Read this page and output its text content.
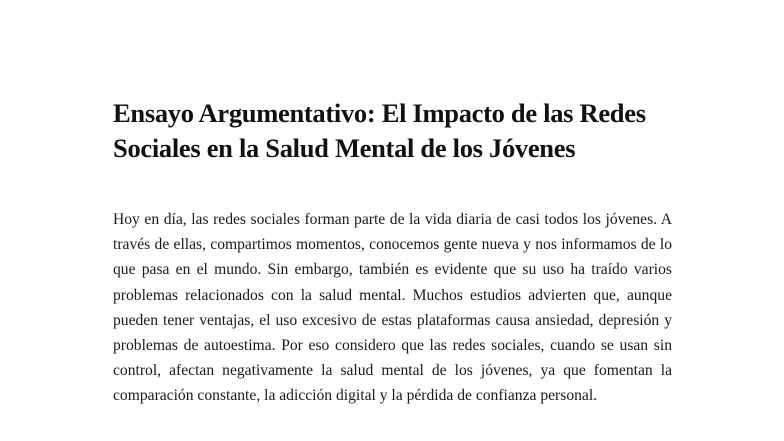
Ensayo Argumentativo: El Impacto de las Redes Sociales en la Salud Mental de los Jóvenes

Hoy en día, las redes sociales forman parte de la vida diaria de casi todos los jóvenes. A través de ellas, compartimos momentos, conocemos gente nueva y nos informamos de lo que pasa en el mundo. Sin embargo, también es evidente que su uso ha traído varios problemas relacionados con la salud mental. Muchos estudios advierten que, aunque pueden tener ventajas, el uso excesivo de estas plataformas causa ansiedad, depresión y problemas de autoestima. Por eso considero que las redes sociales, cuando se usan sin control, afectan negativamente la salud mental de los jóvenes, ya que fomentan la comparación constante, la adicción digital y la pérdida de confianza personal.
